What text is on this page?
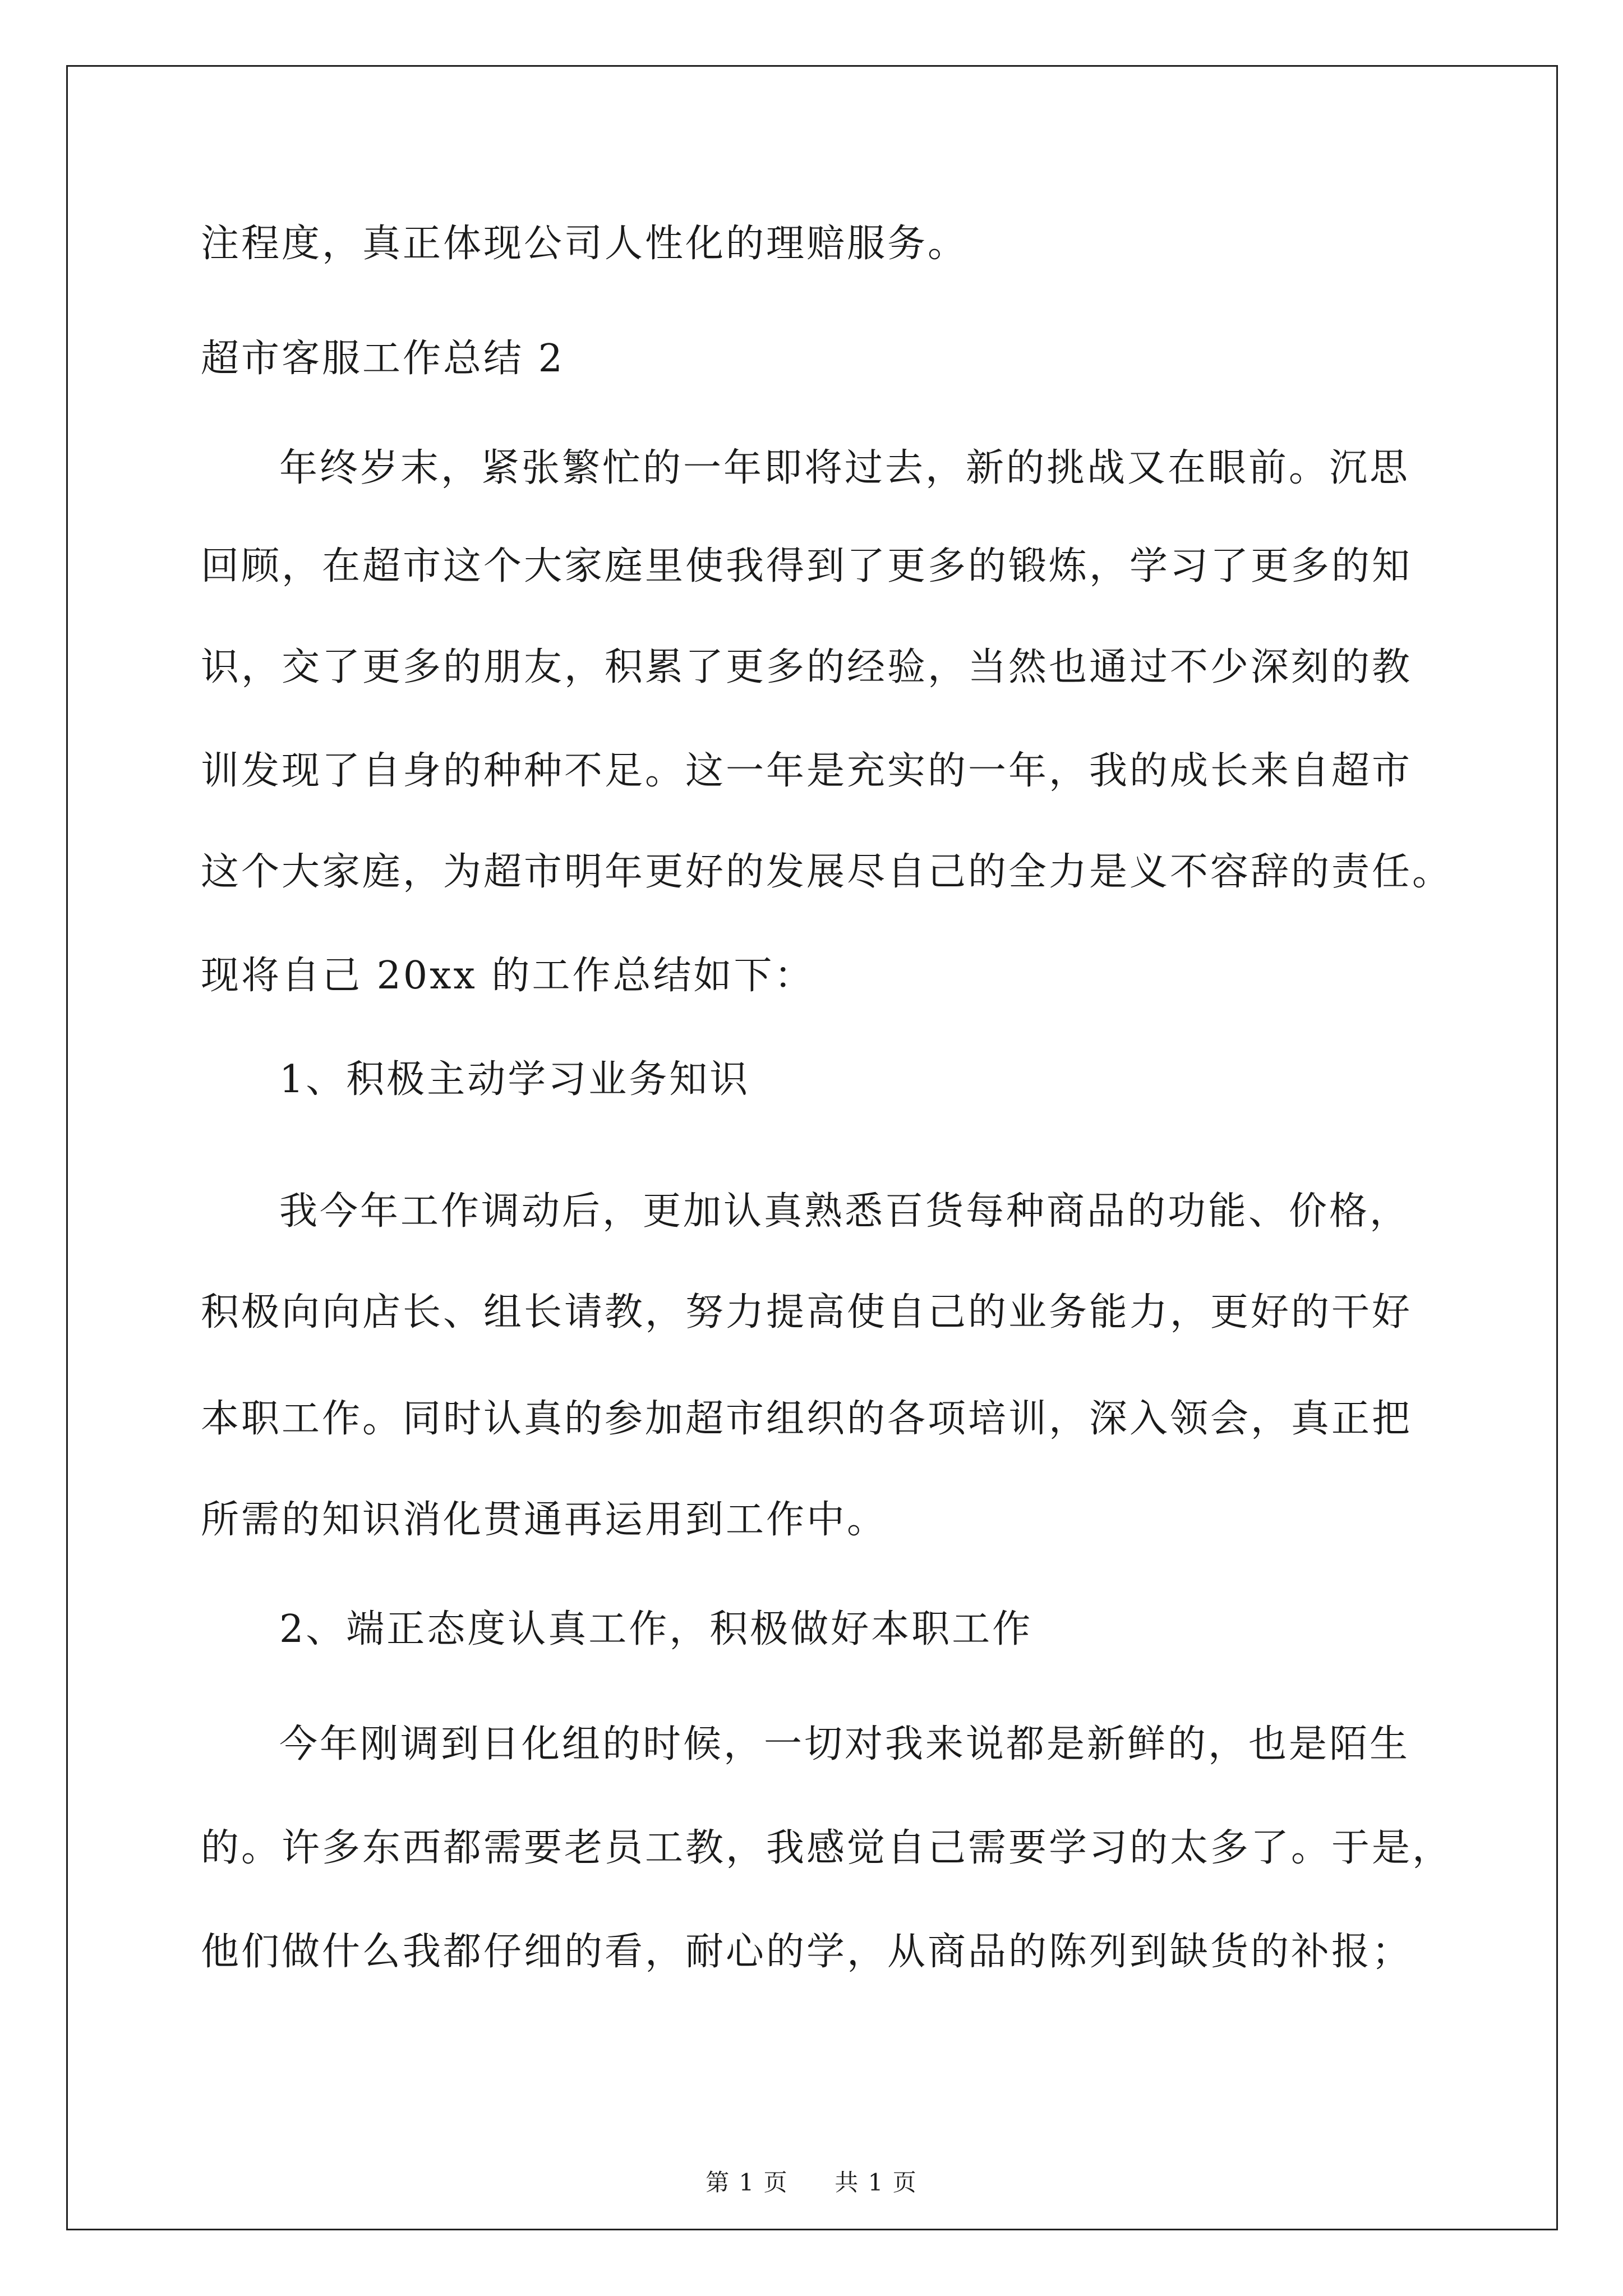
注程度，真正体现公司人性化的理赔服务。
超市客服工作总结 2
年终岁末，紧张繁忙的一年即将过去，新的挑战又在眼前。沉思
回顾，在超市这个大家庭里使我得到了更多的锻炼，学习了更多的知
识，交了更多的朋友，积累了更多的经验，当然也通过不少深刻的教
训发现了自身的种种不足。这一年是充实的一年，我的成长来自超市
这个大家庭，为超市明年更好的发展尽自己的全力是义不容辞的责任。
现将自己 20xx 的工作总结如下：
1、积极主动学习业务知识
我今年工作调动后，更加认真熟悉百货每种商品的功能、价格，
积极向向店长、组长请教，努力提高使自己的业务能力，更好的干好
本职工作。同时认真的参加超市组织的各项培训，深入领会，真正把
所需的知识消化贯通再运用到工作中。
2、端正态度认真工作，积极做好本职工作
今年刚调到日化组的时候，一切对我来说都是新鲜的，也是陌生
的。许多东西都需要老员工教，我感觉自己需要学习的太多了。于是，
他们做什么我都仔细的看，耐心的学，从商品的陈列到缺货的补报；
第 1 页 共 1 页
